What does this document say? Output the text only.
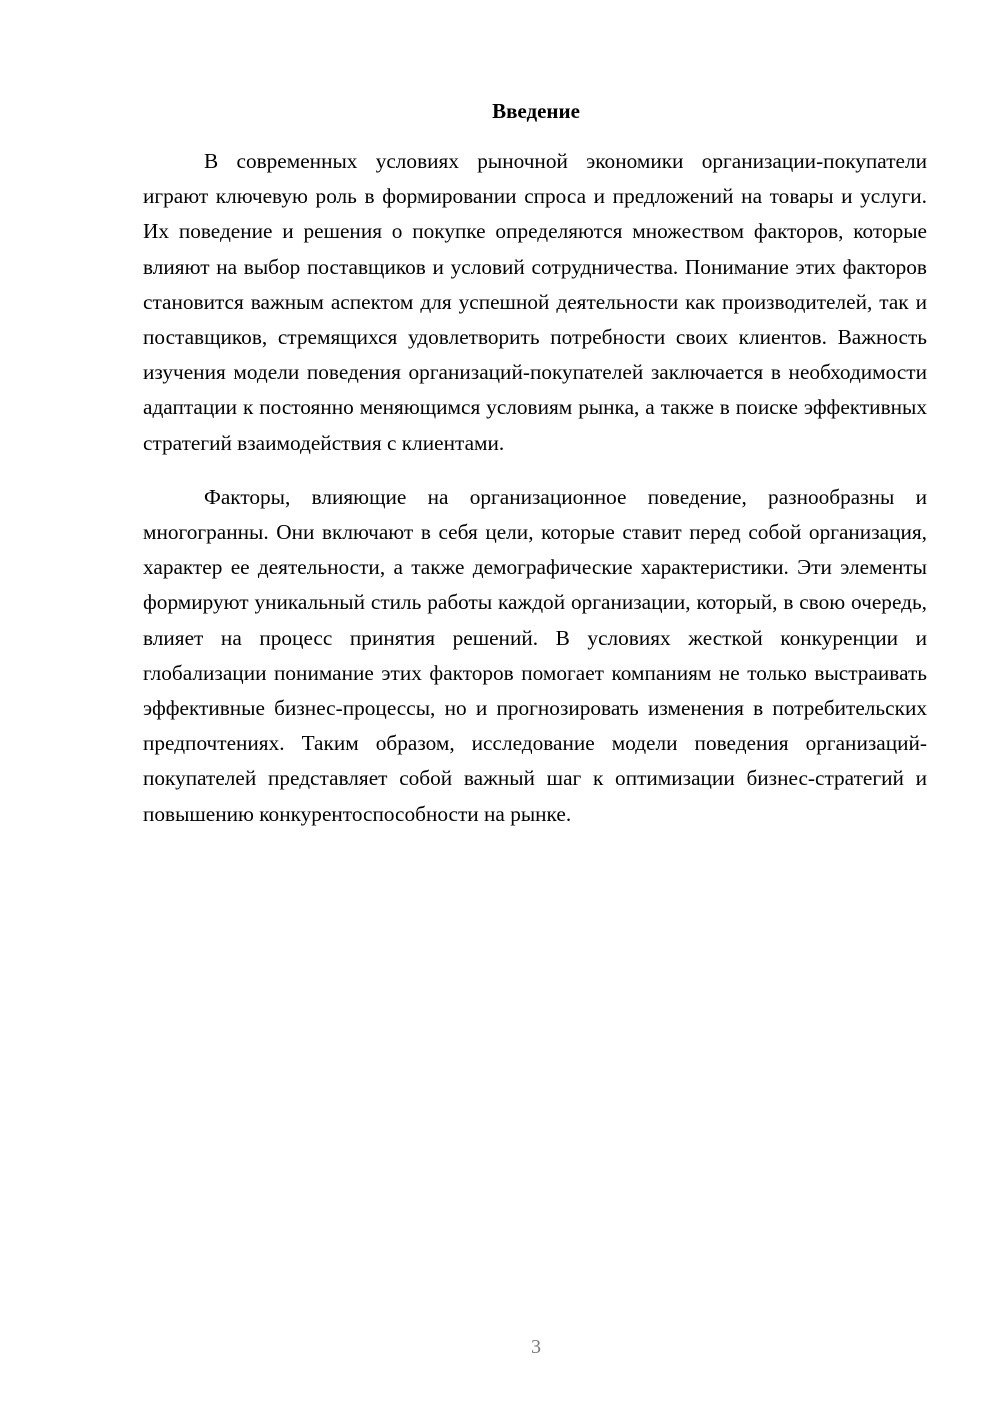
Введение

В современных условиях рыночной экономики организации-покупатели играют ключевую роль в формировании спроса и предложений на товары и услуги. Их поведение и решения о покупке определяются множеством факторов, которые влияют на выбор поставщиков и условий сотрудничества. Понимание этих факторов становится важным аспектом для успешной деятельности как производителей, так и поставщиков, стремящихся удовлетворить потребности своих клиентов. Важность изучения модели поведения организаций-покупателей заключается в необходимости адаптации к постоянно меняющимся условиям рынка, а также в поиске эффективных стратегий взаимодействия с клиентами.

Факторы, влияющие на организационное поведение, разнообразны и многогранны. Они включают в себя цели, которые ставит перед собой организация, характер ее деятельности, а также демографические характеристики. Эти элементы формируют уникальный стиль работы каждой организации, который, в свою очередь, влияет на процесс принятия решений. В условиях жесткой конкуренции и глобализации понимание этих факторов помогает компаниям не только выстраивать эффективные бизнес-процессы, но и прогнозировать изменения в потребительских предпочтениях. Таким образом, исследование модели поведения организаций-покупателей представляет собой важный шаг к оптимизации бизнес-стратегий и повышению конкурентоспособности на рынке.

3
